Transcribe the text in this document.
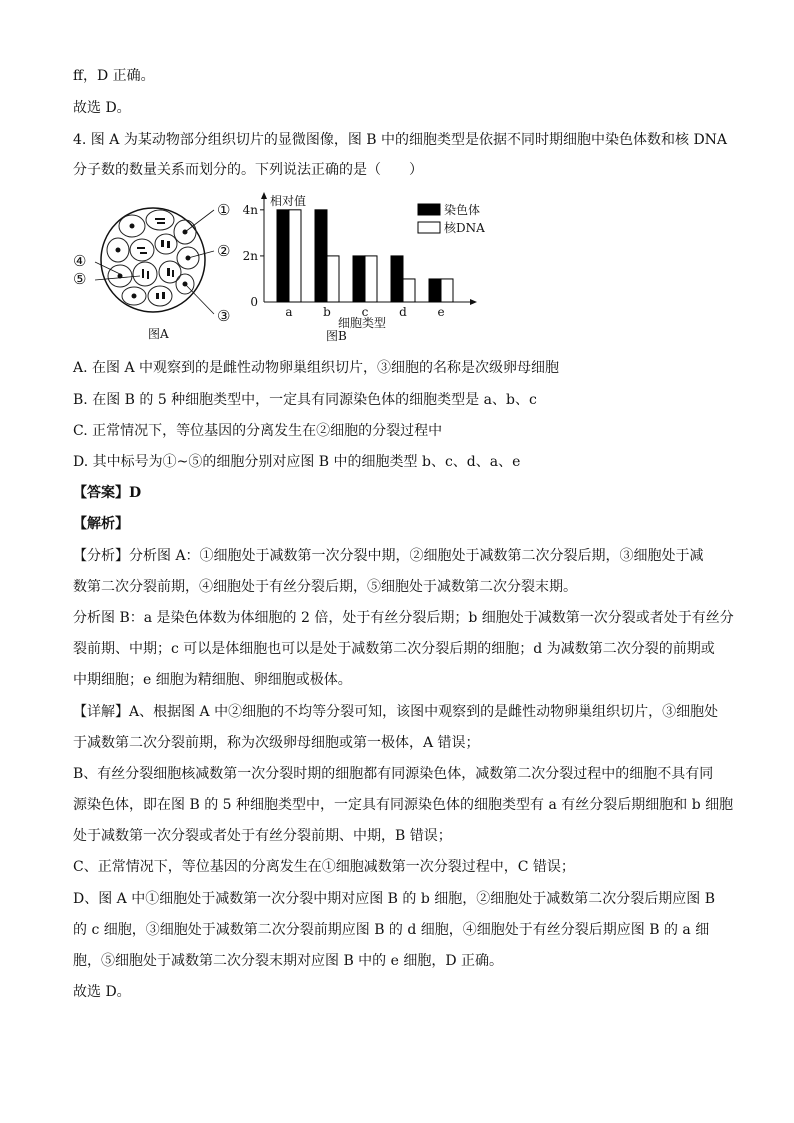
ff，D 正确。
故选 D。
4. 图 A 为某动物部分组织切片的显微图像，图 B 中的细胞类型是依据不同时期细胞中染色体数和核 DNA
分子数的数量关系而划分的。下列说法正确的是（　　）
①
②
③
④
⑤
图A
相对值
细胞类型
图B
染色体
核DNA
0
2n
4n
a	b	c	d	e
A. 在图 A 中观察到的是雌性动物卵巢组织切片，③细胞的名称是次级卵母细胞
B. 在图 B 的 5 种细胞类型中，一定具有同源染色体的细胞类型是 a、b、c
C. 正常情况下，等位基因的分离发生在②细胞的分裂过程中
D. 其中标号为①~⑤的细胞分别对应图 B 中的细胞类型 b、c、d、a、e
【答案】D
【解析】
【分析】分析图 A：①细胞处于减数第一次分裂中期，②细胞处于减数第二次分裂后期，③细胞处于减
数第二次分裂前期，④细胞处于有丝分裂后期，⑤细胞处于减数第二次分裂末期。
分析图 B：a 是染色体数为体细胞的 2 倍，处于有丝分裂后期；b 细胞处于减数第一次分裂或者处于有丝分
裂前期、中期；c 可以是体细胞也可以是处于减数第二次分裂后期的细胞；d 为减数第二次分裂的前期或
中期细胞；e 细胞为精细胞、卵细胞或极体。
【详解】A、根据图 A 中②细胞的不均等分裂可知，该图中观察到的是雌性动物卵巢组织切片，③细胞处
于减数第二次分裂前期，称为次级卵母细胞或第一极体，A 错误；
B、有丝分裂细胞核减数第一次分裂时期的细胞都有同源染色体，减数第二次分裂过程中的细胞不具有同
源染色体，即在图 B 的 5 种细胞类型中，一定具有同源染色体的细胞类型有 a 有丝分裂后期细胞和 b 细胞
处于减数第一次分裂或者处于有丝分裂前期、中期，B 错误；
C、正常情况下，等位基因的分离发生在①细胞减数第一次分裂过程中，C 错误；
D、图 A 中①细胞处于减数第一次分裂中期对应图 B 的 b 细胞，②细胞处于减数第二次分裂后期应图 B
的 c 细胞，③细胞处于减数第二次分裂前期应图 B 的 d 细胞，④细胞处于有丝分裂后期应图 B 的 a 细
胞，⑤细胞处于减数第二次分裂末期对应图 B 中的 e 细胞，D 正确。
故选 D。
